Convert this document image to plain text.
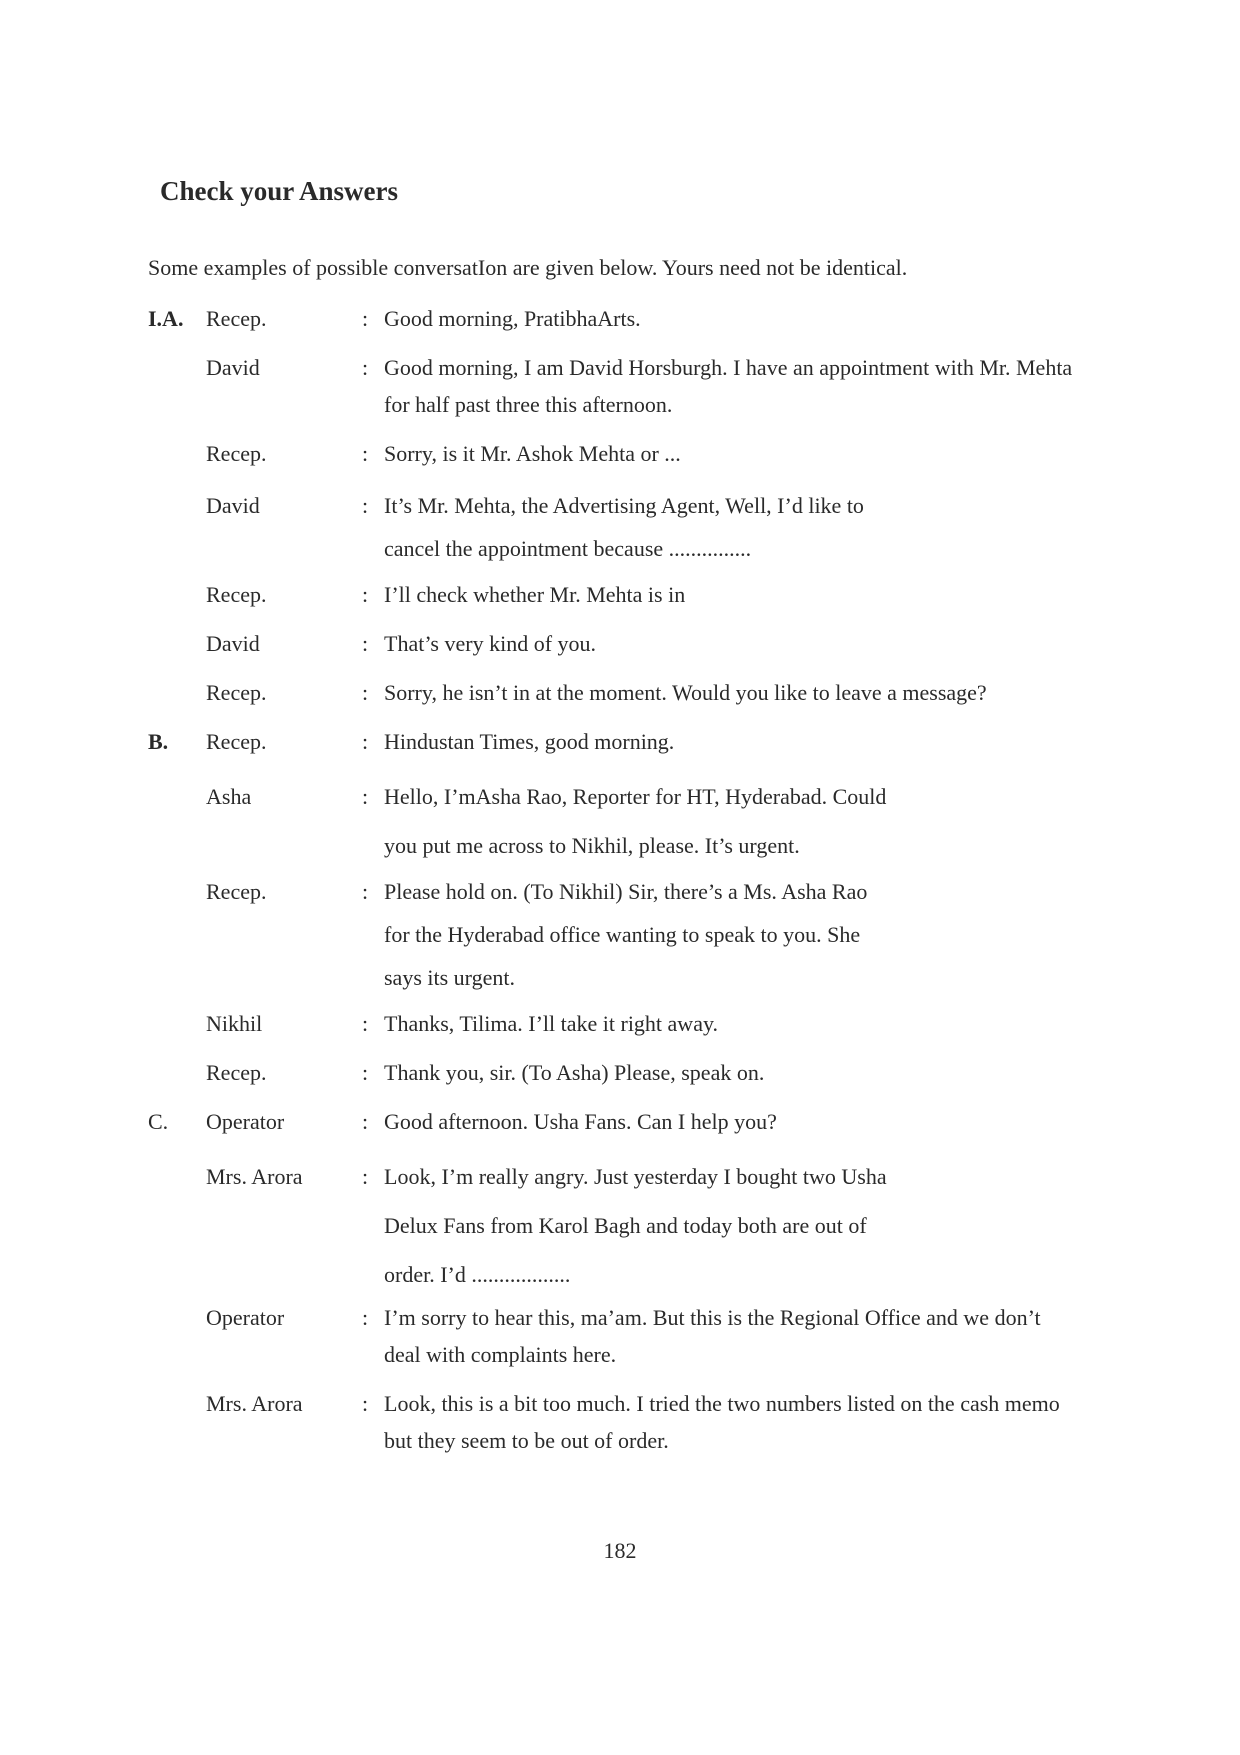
Check your Answers
Some examples of possible conversatIon are given below. Yours need not be identical.
I.A. Recep.	: Good morning, PratibhaArts.
David	: Good morning, I am David Horsburgh. I have an appointment with Mr. Mehta
for half past three this afternoon.
Recep.	: Sorry, is it Mr. Ashok Mehta or ...
David	: It’s Mr. Mehta, the Advertising Agent, Well, I’d like to
cancel the appointment because ...............
Recep.	: I’ll check whether Mr. Mehta is in
David	: That’s very kind of you.
Recep.	: Sorry, he isn’t in at the moment. Would you like to leave a message?
B. Recep.	: Hindustan Times, good morning.
Asha	: Hello, I’mAsha Rao, Reporter for HT, Hyderabad. Could
you put me across to Nikhil, please. It’s urgent.
Recep.	: Please hold on. (To Nikhil) Sir, there’s a Ms. Asha Rao
for the Hyderabad office wanting to speak to you. She
says its urgent.
Nikhil	: Thanks, Tilima. I’ll take it right away.
Recep.	: Thank you, sir. (To Asha) Please, speak on.
C. Operator	: Good afternoon. Usha Fans. Can I help you?
Mrs. Arora	: Look, I’m really angry. Just yesterday I bought two Usha
Delux Fans from Karol Bagh and today both are out of
order. I’d ..................
Operator	: I’m sorry to hear this, ma’am. But this is the Regional Office and we don’t
deal with complaints here.
Mrs. Arora	: Look, this is a bit too much. I tried the two numbers listed on the cash memo
but they seem to be out of order.
182
